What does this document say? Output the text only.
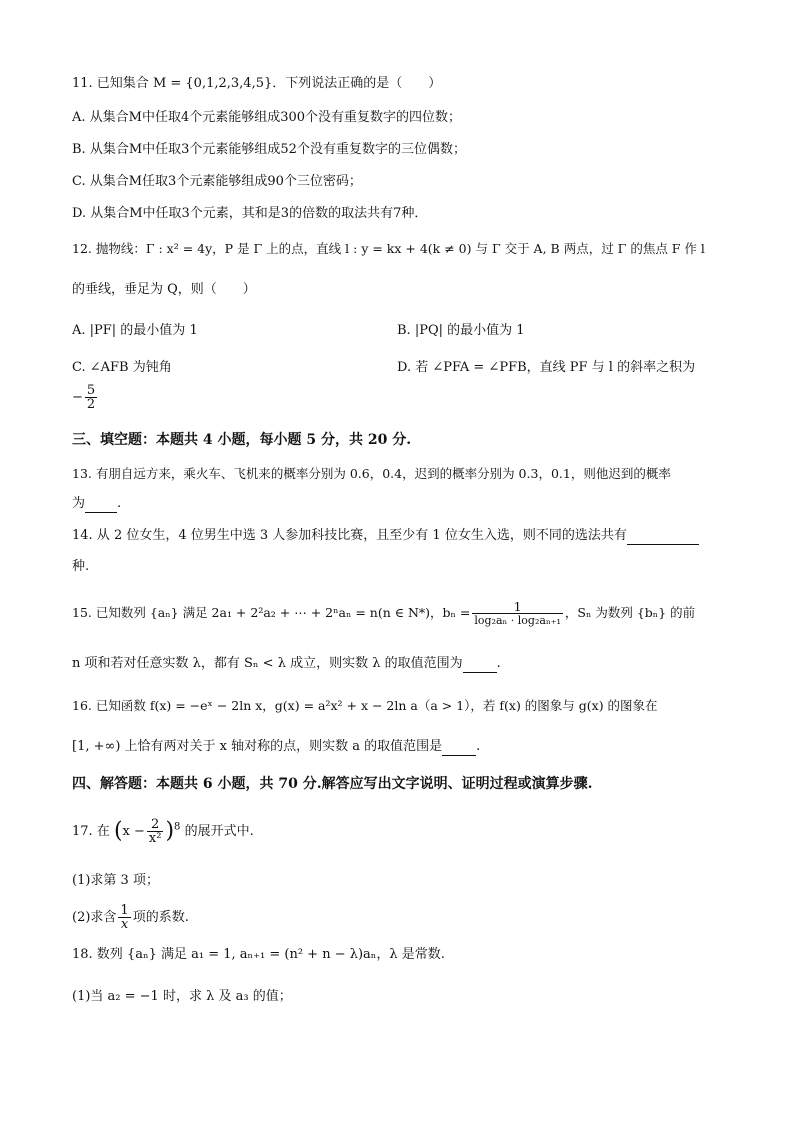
11. 已知集合 M = {0,1,2,3,4,5}．下列说法正确的是（　　）
A. 从集合M中任取4个元素能够组成300个没有重复数字的四位数；
B. 从集合M中任取3个元素能够组成52个没有重复数字的三位偶数；
C. 从集合M任取3个元素能够组成90个三位密码；
D. 从集合M中任取3个元素，其和是3的倍数的取法共有7种．
12. 抛物线：Γ : x² = 4y，P 是 Γ 上的点，直线 l : y = kx + 4(k ≠ 0) 与 Γ 交于 A, B 两点，过 Γ 的焦点 F 作 l
的垂线，垂足为 Q，则（　　）
A. |PF| 的最小值为 1	B. |PQ| 的最小值为 1
C. ∠AFB 为钝角	D. 若 ∠PFA = ∠PFB，直线 PF 与 l 的斜率之积为
− $\frac{5}{2}$
三、填空题：本题共 4 小题，每小题 5 分，共 20 分.
13. 有朋自远方来，乘火车、飞机来的概率分别为 0.6，0.4，迟到的概率分别为 0.3，0.1，则他迟到的概率
为 .
14. 从 2 位女生，4 位男生中选 3 人参加科技比赛，且至少有 1 位女生入选，则不同的选法共有
种.
15. 已知数列 {aₙ} 满足 2a₁ + 2²a₂ + ⋯ + 2ⁿaₙ = n(n ∈ N*)，$b_n = \frac{1}{\text{log₂aₙ · log₂aₙ₊₁}}$ ，Sₙ 为数列 {bₙ} 的前
n 项和若对任意实数 λ，都有 Sₙ < λ 成立，则实数 λ 的取值范围为	.
16. 已知函数 f(x) = −eˣ − 2ln x，g(x) = a²x² + x − 2ln a（a > 1），若 f(x) 的图象与 g(x) 的图象在
[1, +∞) 上恰有两对关于 x 轴对称的点，则实数 a 的取值范围是	.
四、解答题：本题共 6 小题，共 70 分.解答应写出文字说明、证明过程或演算步骤.
17. 在 $(x - \frac{2}{\text{x²}} )^8$ 的展开式中.
(1)求第 3 项；
(2)求含 $\frac{1}{x}$ 项的系数.
18. 数列 {aₙ} 满足 a₁ = 1, aₙ₊₁ = (n² + n − λ)aₙ，λ 是常数.
(1)当 a₂ = −1 时，求 λ 及 a₃ 的值；
